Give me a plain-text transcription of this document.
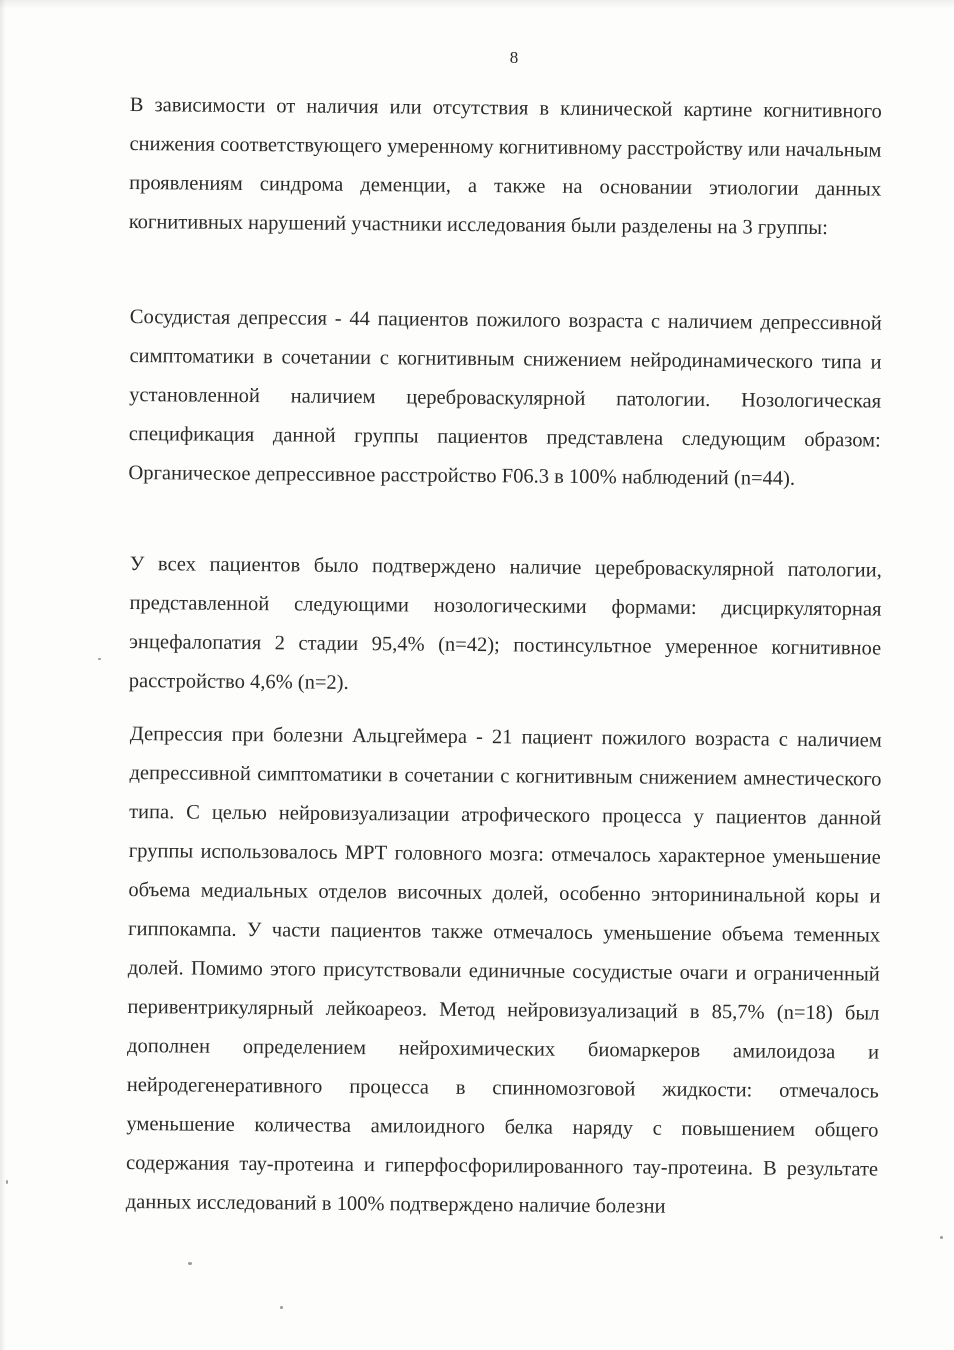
8

В зависимости от наличия или отсутствия в клинической картине когнитивного снижения соответствующего умеренному когнитивному расстройству или начальным проявлениям синдрома деменции, а также на основании этиологии данных когнитивных нарушений участники исследования были разделены на 3 группы:

Сосудистая депрессия - 44 пациентов пожилого возраста с наличием депрессивной симптоматики в сочетании с когнитивным снижением нейродинамического типа и установленной наличием цереброваскулярной патологии. Нозологическая спецификация данной группы пациентов представлена следующим образом: Органическое депрессивное расстройство F06.3 в 100% наблюдений (n=44).

У всех пациентов было подтверждено наличие цереброваскулярной патологии, представленной следующими нозологическими формами: дисциркуляторная энцефалопатия 2 стадии 95,4% (n=42); постинсультное умеренное когнитивное расстройство 4,6% (n=2).

Депрессия при болезни Альцгеймера - 21 пациент пожилого возраста с наличием депрессивной симптоматики в сочетании с когнитивным снижением амнестического типа. С целью нейровизуализации атрофического процесса у пациентов данной группы использовалось МРТ головного мозга: отмечалось характерное уменьшение объема медиальных отделов височных долей, особенно энторининальной коры и гиппокампа. У части пациентов также отмечалось уменьшение объема теменных долей. Помимо этого присутствовали единичные сосудистые очаги и ограниченный перивентрикулярный лейкоареоз. Метод нейровизуализаций в 85,7% (n=18) был дополнен определением нейрохимических биомаркеров амилоидоза и нейродегенеративного процесса в спинномозговой жидкости: отмечалось уменьшение количества амилоидного белка наряду с повышением общего содержания тау-протеина и гиперфосфорилированного тау-протеина. В результате данных исследований в 100% подтверждено наличие болезни
